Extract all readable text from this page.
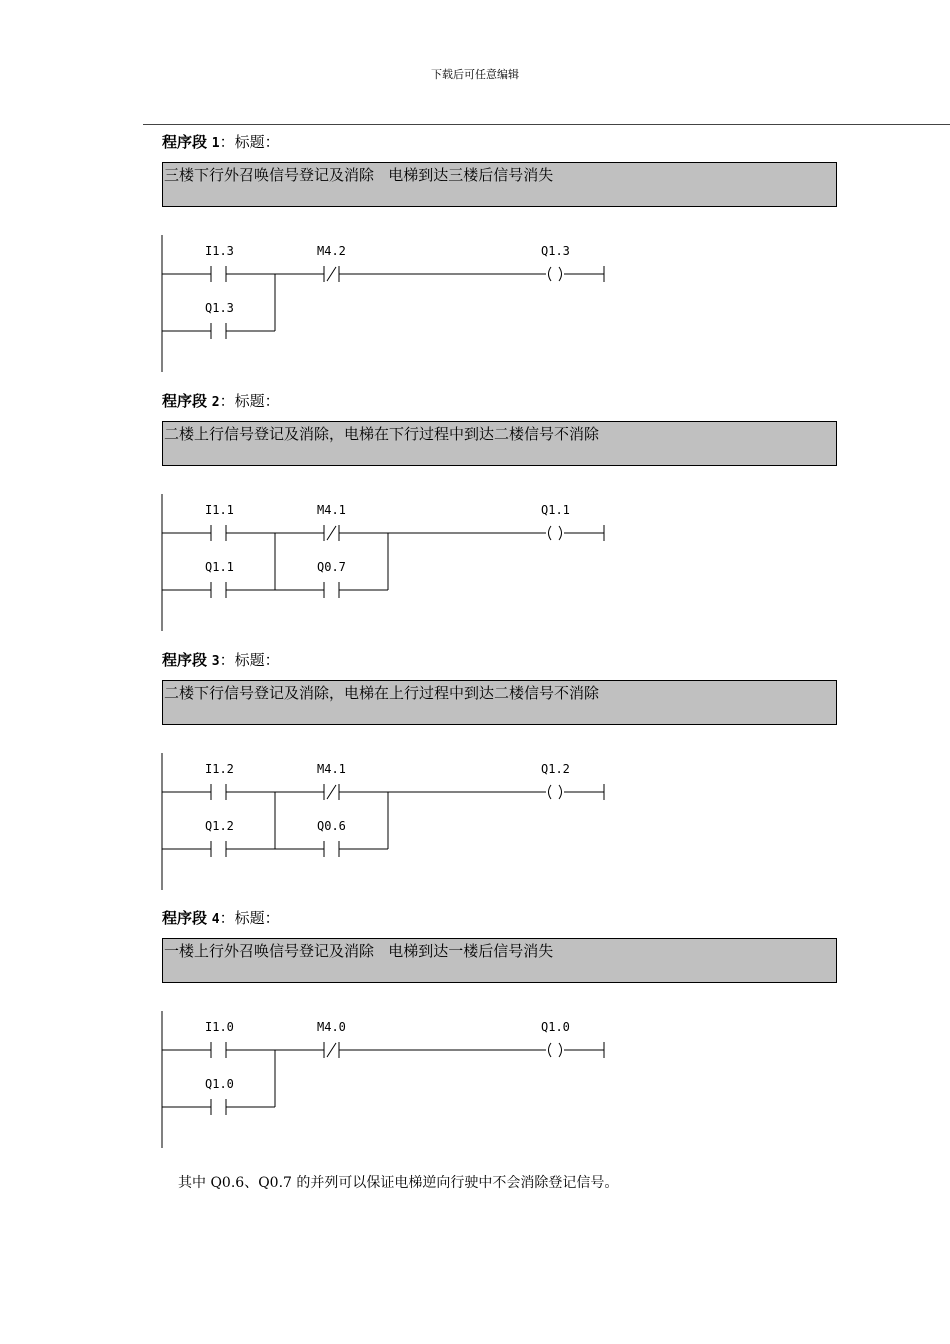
下载后可任意编辑
程序段 1：标题：
三楼下行外召唤信号登记及消除   电梯到达三楼后信号消失
I1.3	M4.2	Q1.3
Q1.3
程序段 2：标题：
二楼上行信号登记及消除，电梯在下行过程中到达二楼信号不消除
I1.1	M4.1	Q1.1
Q1.1	Q0.7
程序段 3：标题：
二楼下行信号登记及消除，电梯在上行过程中到达二楼信号不消除
I1.2	M4.1	Q1.2
Q1.2	Q0.6
程序段 4：标题：
一楼上行外召唤信号登记及消除   电梯到达一楼后信号消失
I1.0	M4.0	Q1.0
Q1.0
其中 Q0.6、Q0.7 的并列可以保证电梯逆向行驶中不会消除登记信号。
